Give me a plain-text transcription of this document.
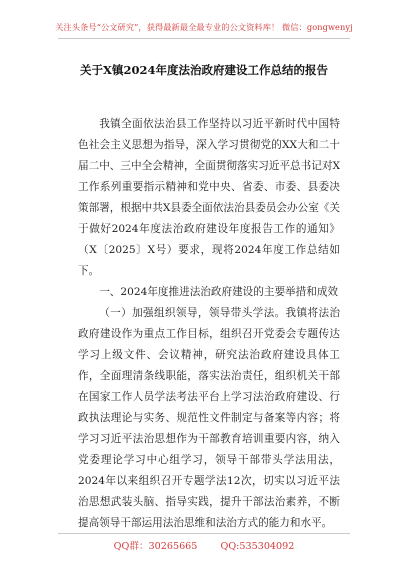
关注头条号“公文研究”，获得最新最全最专业的公文资料库！ 微信：gongwenyj
关于X镇2024年度法治政府建设工作总结的报告

我镇全面依法治县工作坚持以习近平新时代中国特色社会主义思想为指导，深入学习贯彻党的XX大和二十届二中、三中全会精神，全面贯彻落实习近平总书记对X工作系列重要指示精神和党中央、省委、市委、县委决策部署，根据中共X县委全面依法治县委员会办公室《关于做好2024年度法治政府建设年度报告工作的通知》（X〔2025〕X号）要求，现将2024年度工作总结如下。

一、2024年度推进法治政府建设的主要举措和成效

（一）加强组织领导，领导带头学法。我镇将法治政府建设作为重点工作目标，组织召开党委会专题传达学习上级文件、会议精神，研究法治政府建设具体工作，全面理清条线职能，落实法治责任，组织机关干部在国家工作人员学法考法平台上学习法治政府建设、行政执法理论与实务、规范性文件制定与备案等内容；将学习习近平法治思想作为干部教育培训重要内容，纳入党委理论学习中心组学习，领导干部带头学法用法，2024年以来组织召开专题学法12次，切实以习近平法治思想武装头脑、指导实践，提升干部法治素养，不断提高领导干部运用法治思维和法治方式的能力和水平。

QQ群：30265665 QQ:535304092
